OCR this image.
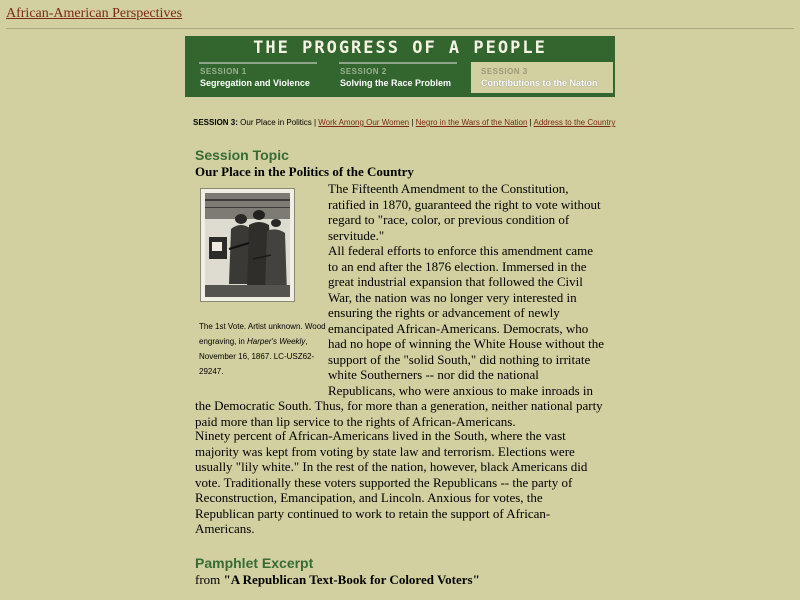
African-American Perspectives
THE PROGRESS OF A PEOPLE
SESSION 1
Segregation and Violence
SESSION 2
Solving the Race Problem
SESSION 3
Contributions to the Nation
SESSION 3: Our Place in Politics | Work Among Our Women | Negro in the Wars of the Nation | Address to the Country
Session Topic
Our Place in the Politics of the Country
The 1st Vote. Artist unknown. Wood engraving, in Harper's Weekly, November 16, 1867. LC-USZ62-29247.
The Fifteenth Amendment to the Constitution, ratified in 1870, guaranteed the right to vote without regard to "race, color, or previous condition of servitude."
All federal efforts to enforce this amendment came to an end after the 1876 election. Immersed in the great industrial expansion that followed the Civil War, the nation was no longer very interested in ensuring the rights or advancement of newly emancipated African-Americans. Democrats, who had no hope of winning the White House without the support of the "solid South," did nothing to irritate white Southerners -- nor did the national Republicans, who were anxious to make inroads in the Democratic South. Thus, for more than a generation, neither national party paid more than lip service to the rights of African-Americans.
Ninety percent of African-Americans lived in the South, where the vast majority was kept from voting by state law and terrorism. Elections were usually "lily white." In the rest of the nation, however, black Americans did vote. Traditionally these voters supported the Republicans -- the party of Reconstruction, Emancipation, and Lincoln. Anxious for votes, the Republican party continued to work to retain the support of African-Americans.
Pamphlet Excerpt
from "A Republican Text-Book for Colored Voters"
